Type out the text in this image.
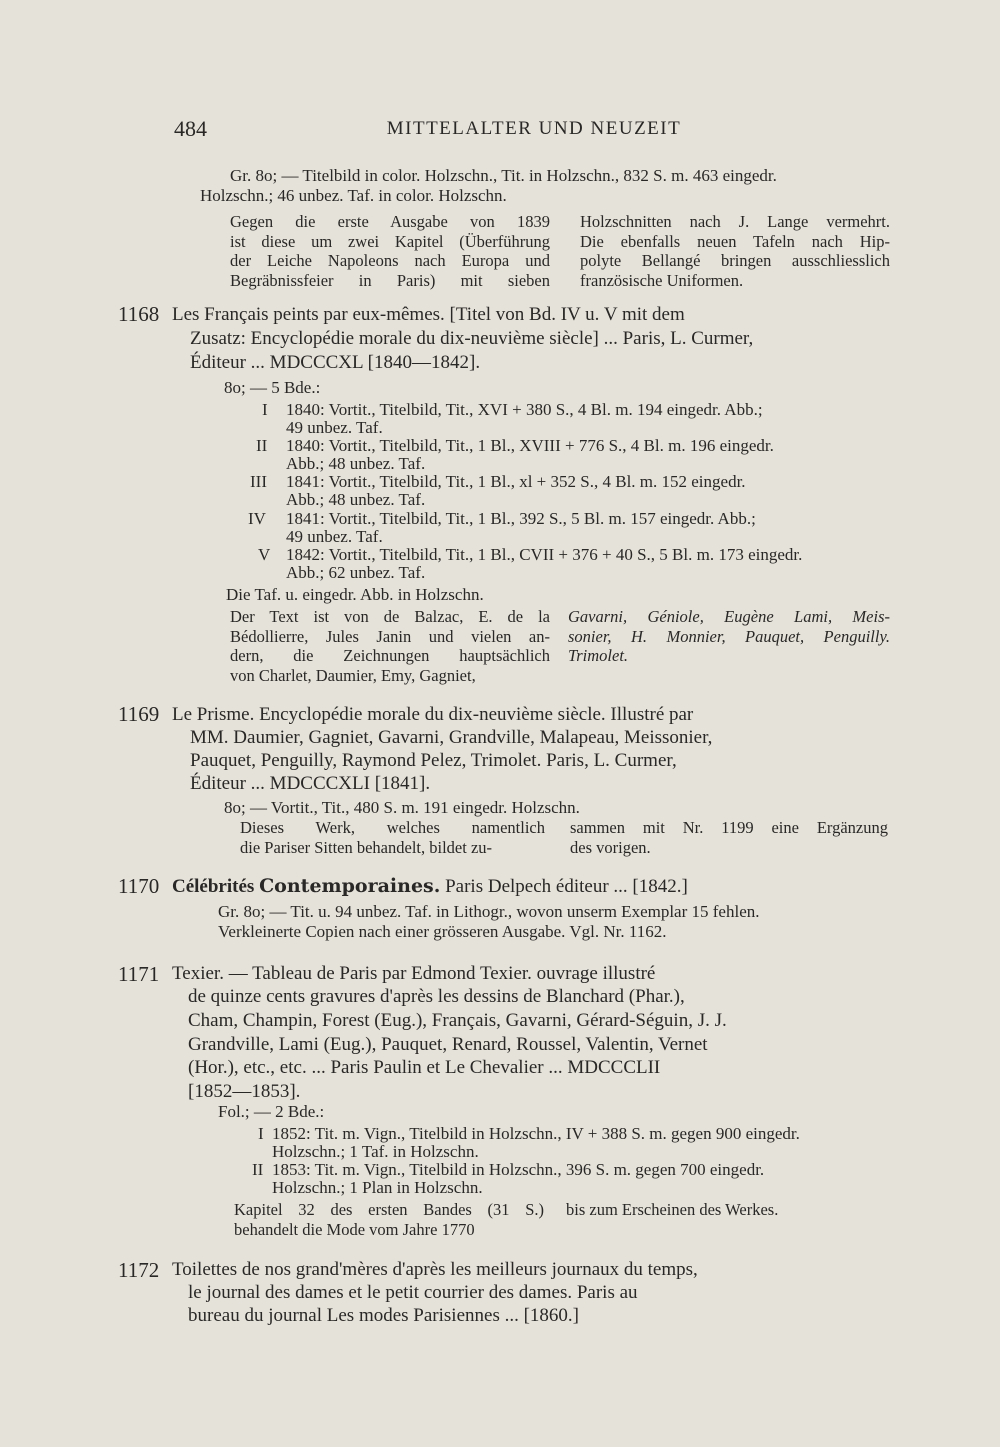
484	MITTELALTER UND NEUZEIT
Gr. 8o; — Titelbild in color. Holzschn., Tit. in Holzschn., 832 S. m. 463 eingedr.
Holzschn.; 46 unbez. Taf. in color. Holzschn.

Gegen die erste Ausgabe von 1839

ist diese um zwei Kapitel (Überführung

der Leiche Napoleons nach Europa und

Begräbnissfeier in Paris) mit sieben

Holzschnitten nach J. Lange vermehrt.

Die ebenfalls neuen Tafeln nach Hip-

polyte Bellangé bringen ausschliesslich

französische Uniformen.

1168 Les Français peints par eux-mêmes. [Titel von Bd. IV u. V mit dem
Zusatz: Encyclopédie morale du dix-neuvième siècle] ... Paris, L. Curmer,
Éditeur ... MDCCCXL [1840—1842].
8o; — 5 Bde.:
I 1840: Vortit., Titelbild, Tit., XVI + 380 S., 4 Bl. m. 194 eingedr. Abb.;
49 unbez. Taf.
II 1840: Vortit., Titelbild, Tit., 1 Bl., XVIII + 776 S., 4 Bl. m. 196 eingedr.
Abb.; 48 unbez. Taf.
III 1841: Vortit., Titelbild, Tit., 1 Bl., xl + 352 S., 4 Bl. m. 152 eingedr.
Abb.; 48 unbez. Taf.
IV 1841: Vortit., Titelbild, Tit., 1 Bl., 392 S., 5 Bl. m. 157 eingedr. Abb.;
49 unbez. Taf.
V 1842: Vortit., Titelbild, Tit., 1 Bl., CVII + 376 + 40 S., 5 Bl. m. 173 eingedr.
Abb.; 62 unbez. Taf.
Die Taf. u. eingedr. Abb. in Holzschn.

Der Text ist von de Balzac, E. de la

Bédollierre, Jules Janin und vielen an-

dern, die Zeichnungen hauptsächlich

von Charlet, Daumier, Emy, Gagniet,

Gavarni, Géniole, Eugène Lami, Meis-

sonier, H. Monnier, Pauquet, Penguilly.

Trimolet.

1169 Le Prisme. Encyclopédie morale du dix-neuvième siècle. Illustré par
MM. Daumier, Gagniet, Gavarni, Grandville, Malapeau, Meissonier,
Pauquet, Penguilly, Raymond Pelez, Trimolet. Paris, L. Curmer,
Éditeur ... MDCCCXLI [1841].
8o; — Vortit., Tit., 480 S. m. 191 eingedr. Holzschn.

Dieses Werk, welches namentlich

die Pariser Sitten behandelt, bildet zu-

sammen mit Nr. 1199 eine Ergänzung

des vorigen.

1170 Célébrités Contemporaines. Paris Delpech éditeur ... [1842.]
Gr. 8o; — Tit. u. 94 unbez. Taf. in Lithogr., wovon unserm Exemplar 15 fehlen.
Verkleinerte Copien nach einer grösseren Ausgabe. Vgl. Nr. 1162.
1171 Texier. — Tableau de Paris par Edmond Texier. ouvrage illustré
de quinze cents gravures d'après les dessins de Blanchard (Phar.),
Cham, Champin, Forest (Eug.), Français, Gavarni, Gérard-Séguin, J. J.
Grandville, Lami (Eug.), Pauquet, Renard, Roussel, Valentin, Vernet
(Hor.), etc., etc. ... Paris Paulin et Le Chevalier ... MDCCCLII
[1852—1853].
Fol.; — 2 Bde.:
I 1852: Tit. m. Vign., Titelbild in Holzschn., IV + 388 S. m. gegen 900 eingedr.
Holzschn.; 1 Taf. in Holzschn.
II 1853: Tit. m. Vign., Titelbild in Holzschn., 396 S. m. gegen 700 eingedr.
Holzschn.; 1 Plan in Holzschn.

Kapitel 32 des ersten Bandes (31 S.)

behandelt die Mode vom Jahre 1770

bis zum Erscheinen des Werkes.

1172 Toilettes de nos grand'mères d'après les meilleurs journaux du temps,
le journal des dames et le petit courrier des dames. Paris au
bureau du journal Les modes Parisiennes ... [1860.]
